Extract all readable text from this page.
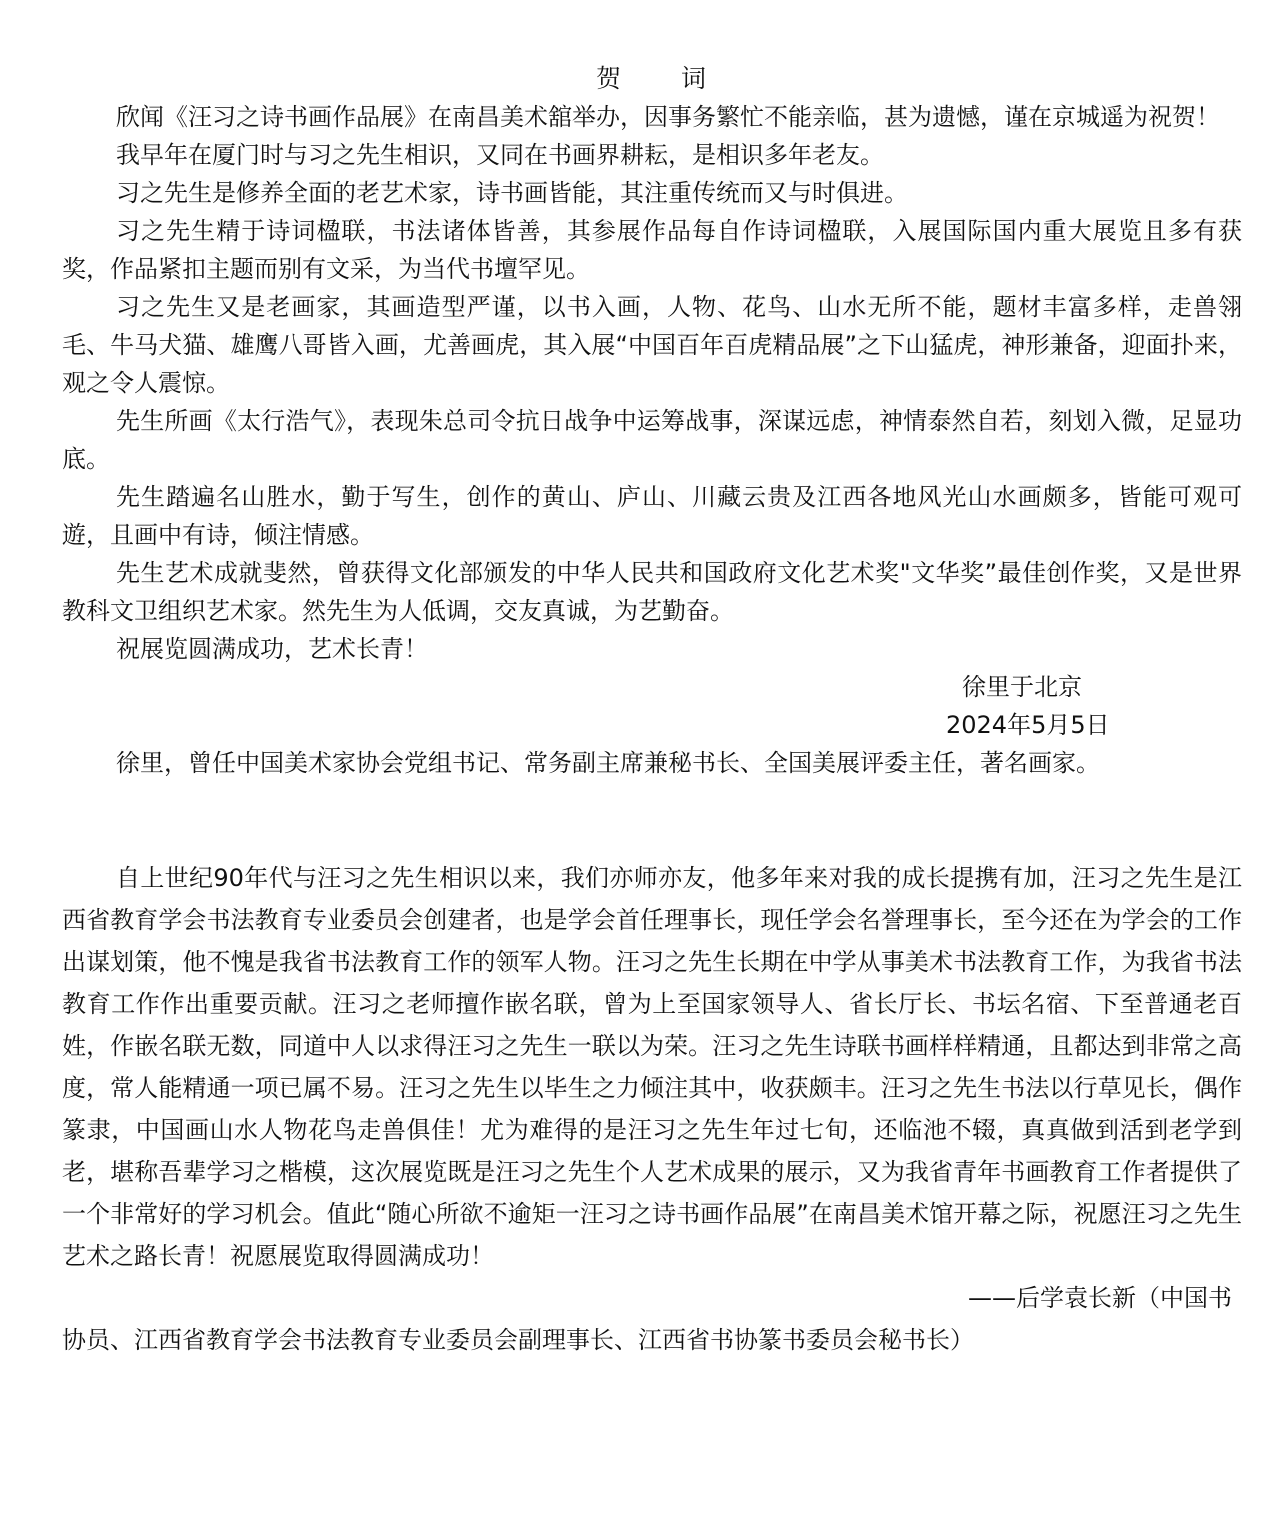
贺 词

欣闻《汪习之诗书画作品展》在南昌美术舘举办，因事务繁忙不能亲临，甚为遗憾，谨在京城遥为祝贺！

我早年在厦门时与习之先生相识，又同在书画界耕耘，是相识多年老友。

习之先生是修养全面的老艺术家，诗书画皆能，其注重传统而又与时俱进。

习之先生精于诗词楹联，书法诸体皆善，其参展作品每自作诗词楹联，入展国际国内重大展览且多有获奖，作品紧扣主题而别有文采，为当代书壇罕见。

习之先生又是老画家，其画造型严谨，以书入画，人物、花鸟、山水无所不能，题材丰富多样，走兽翎毛、牛马犬猫、雄鹰八哥皆入画，尤善画虎，其入展“中国百年百虎精品展”之下山猛虎，神形兼备，迎面扑来，观之令人震惊。

先生所画《太行浩气》，表现朱总司令抗日战争中运筹战事，深谋远虑，神情泰然自若，刻划入微，足显功底。

先生踏遍名山胜水，勤于写生，创作的黄山、庐山、川藏云贵及江西各地风光山水画颇多，皆能可观可遊，且画中有诗，倾注情感。

先生艺术成就斐然，曾获得文化部颁发的中华人民共和国政府文化艺术奖"文华奖”最佳创作奖，又是世界教科文卫组织艺术家。然先生为人低调，交友真诚，为艺勤奋。

祝展览圆满成功，艺术长青！

徐里于北京

2024年5月5日

徐里，曾任中国美术家协会党组书记、常务副主席兼秘书长、全国美展评委主任，著名画家。

自上世纪90年代与汪习之先生相识以来，我们亦师亦友，他多年来对我的成长提携有加，汪习之先生是江西省教育学会书法教育专业委员会创建者，也是学会首任理事长，现任学会名誉理事长，至今还在为学会的工作出谋划策，他不愧是我省书法教育工作的领军人物。汪习之先生长期在中学从事美术书法教育工作，为我省书法教育工作作出重要贡献。汪习之老师擅作嵌名联，曾为上至国家领导人、省长厅长、书坛名宿、下至普通老百姓，作嵌名联无数，同道中人以求得汪习之先生一联以为荣。汪习之先生诗联书画样样精通，且都达到非常之高度，常人能精通一项已属不易。汪习之先生以毕生之力倾注其中，收获颇丰。汪习之先生书法以行草见长，偶作篆隶，中国画山水人物花鸟走兽俱佳！尤为难得的是汪习之先生年过七旬，还临池不辍，真真做到活到老学到老，堪称吾辈学习之楷模，这次展览既是汪习之先生个人艺术成果的展示，又为我省青年书画教育工作者提供了一个非常好的学习机会。值此“随心所欲不逾矩一汪习之诗书画作品展”在南昌美术馆开幕之际，祝愿汪习之先生艺术之路长青！祝愿展览取得圆满成功！

——后学袁长新（中国书

协员、江西省教育学会书法教育专业委员会副理事长、江西省书协篆书委员会秘书长）
